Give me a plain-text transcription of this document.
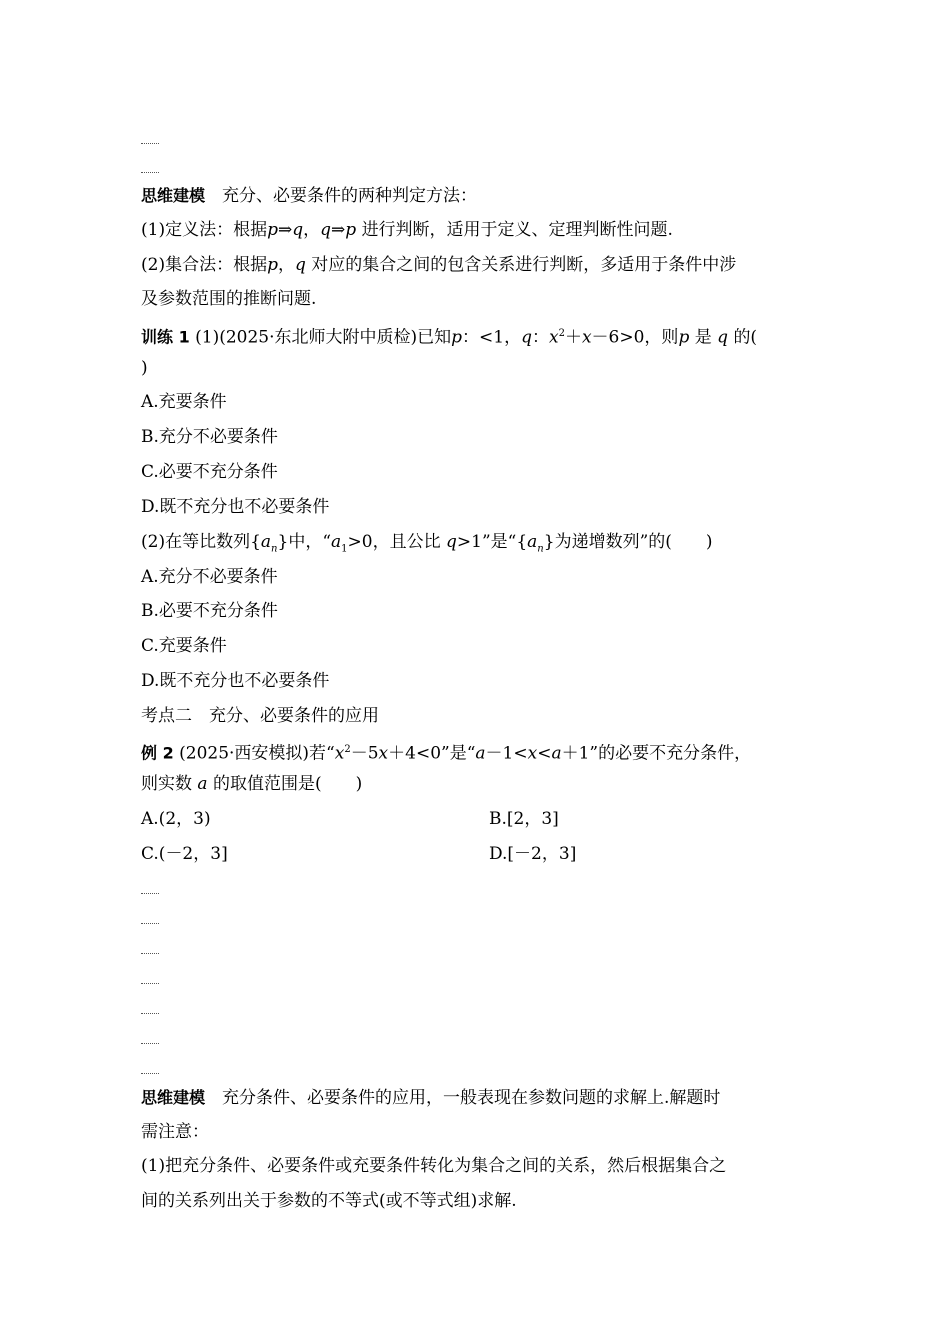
思维建模　 充分、必要条件的两种判定方法：
(1)定义法：根据p⇒q，q⇒p 进行判断，适用于定义、定理判断性问题.
(2)集合法：根据p，q 对应的集合之间的包含关系进行判断，多适用于条件中涉
及参数范围的推断问题.
训练 1 (1)(2025·东北师大附中质检)已知p：<1，q：$x^2+x-6>0$，则p 是 q 的(
)
A.充要条件
B.充分不必要条件
C.必要不充分条件
D.既不充分也不必要条件
(2)在等比数列$\{a_n\}$中，“$a_1>0$，且公比 q>1”是“$\{a_n\}$为递增数列”的(　　)
A.充分不必要条件
B.必要不充分条件
C.充要条件
D.既不充分也不必要条件
考点二　充分、必要条件的应用
例 2 (2025·西安模拟)若“$x^2-5x+4<0$”是“a－1<x<a＋1”的必要不充分条件，
则实数 a 的取值范围是(　　)
A.(2，3)	B.[2，3]
C.(－2，3]	D.[－2，3]
思维建模　 充分条件、必要条件的应用，一般表现在参数问题的求解上.解题时
需注意：
(1)把充分条件、必要条件或充要条件转化为集合之间的关系，然后根据集合之
间的关系列出关于参数的不等式(或不等式组)求解.
